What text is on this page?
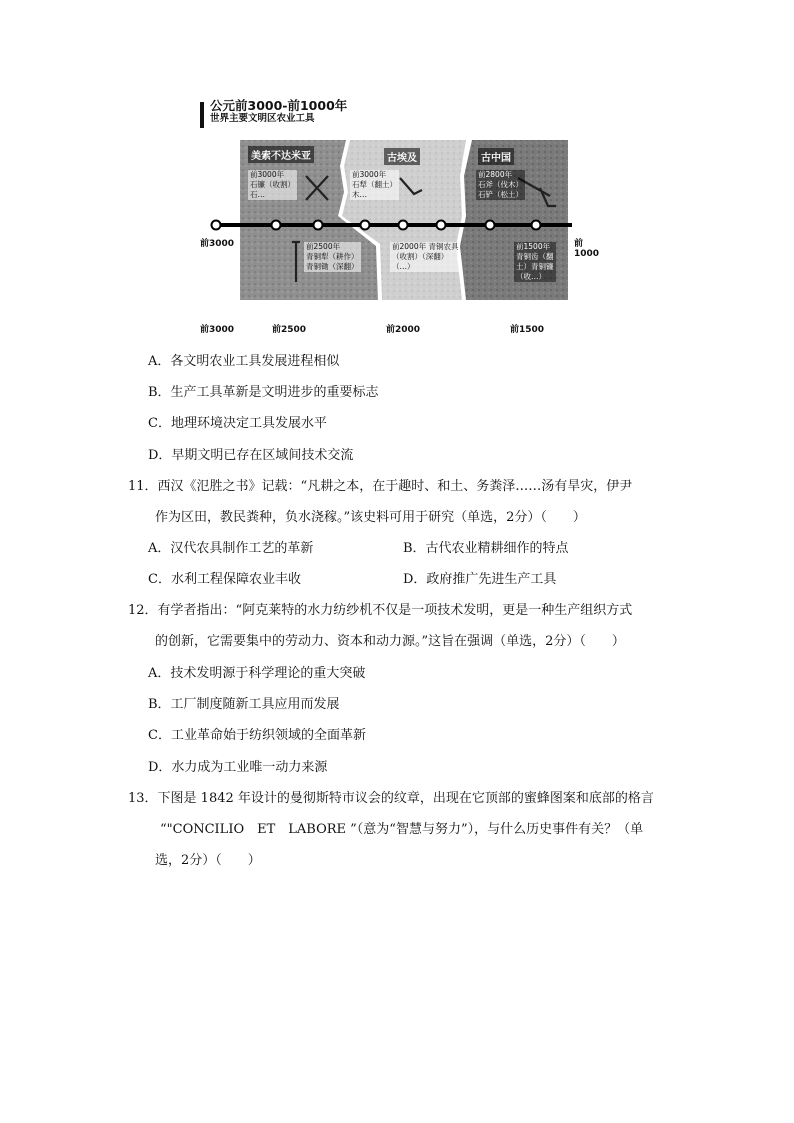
公元前3000-前1000年
世界主要文明区农业工具
美索不达米亚	古埃及	古中国
前3000年
石镰（收割）
石…
前3000年
石犁（翻土）
木…
前2800年
石斧（伐木）
石铲（松土）
前2500年
青铜犁（耕作）
青铜锄（深翻）
前2000年 青铜农具
（收割）（深翻）
（…）
前1500年
青铜齿（翻
土）青铜镰
（收…）
前3000	前1000
前3000	前2500	前2000	前1500
A．各文明农业工具发展进程相似
B．生产工具革新是文明进步的重要标志
C．地理环境决定工具发展水平
D．早期文明已存在区域间技术交流
11．西汉《氾胜之书》记载：“凡耕之本，在于趣时、和土、务粪泽……汤有旱灾，伊尹
作为区田，教民粪种，负水浇稼。”该史料可用于研究（单选，2分）（　　）
A．汉代农具制作工艺的革新	B．古代农业精耕细作的特点
C．水利工程保障农业丰收	D．政府推广先进生产工具
12．有学者指出：“阿克莱特的水力纺纱机不仅是一项技术发明，更是一种生产组织方式
的创新，它需要集中的劳动力、资本和动力源。”这旨在强调（单选，2分）（　　）
A．技术发明源于科学理论的重大突破
B．工厂制度随新工具应用而发展
C．工业革命始于纺织领域的全面革新
D．水力成为工业唯一动力来源
13．下图是 1842 年设计的曼彻斯特市议会的纹章，出现在它顶部的蜜蜂图案和底部的格言
“"CONCILIO　ET　LABORE ”（意为“智慧与努力”），与什么历史事件有关？（单
选，2分）（　　）
